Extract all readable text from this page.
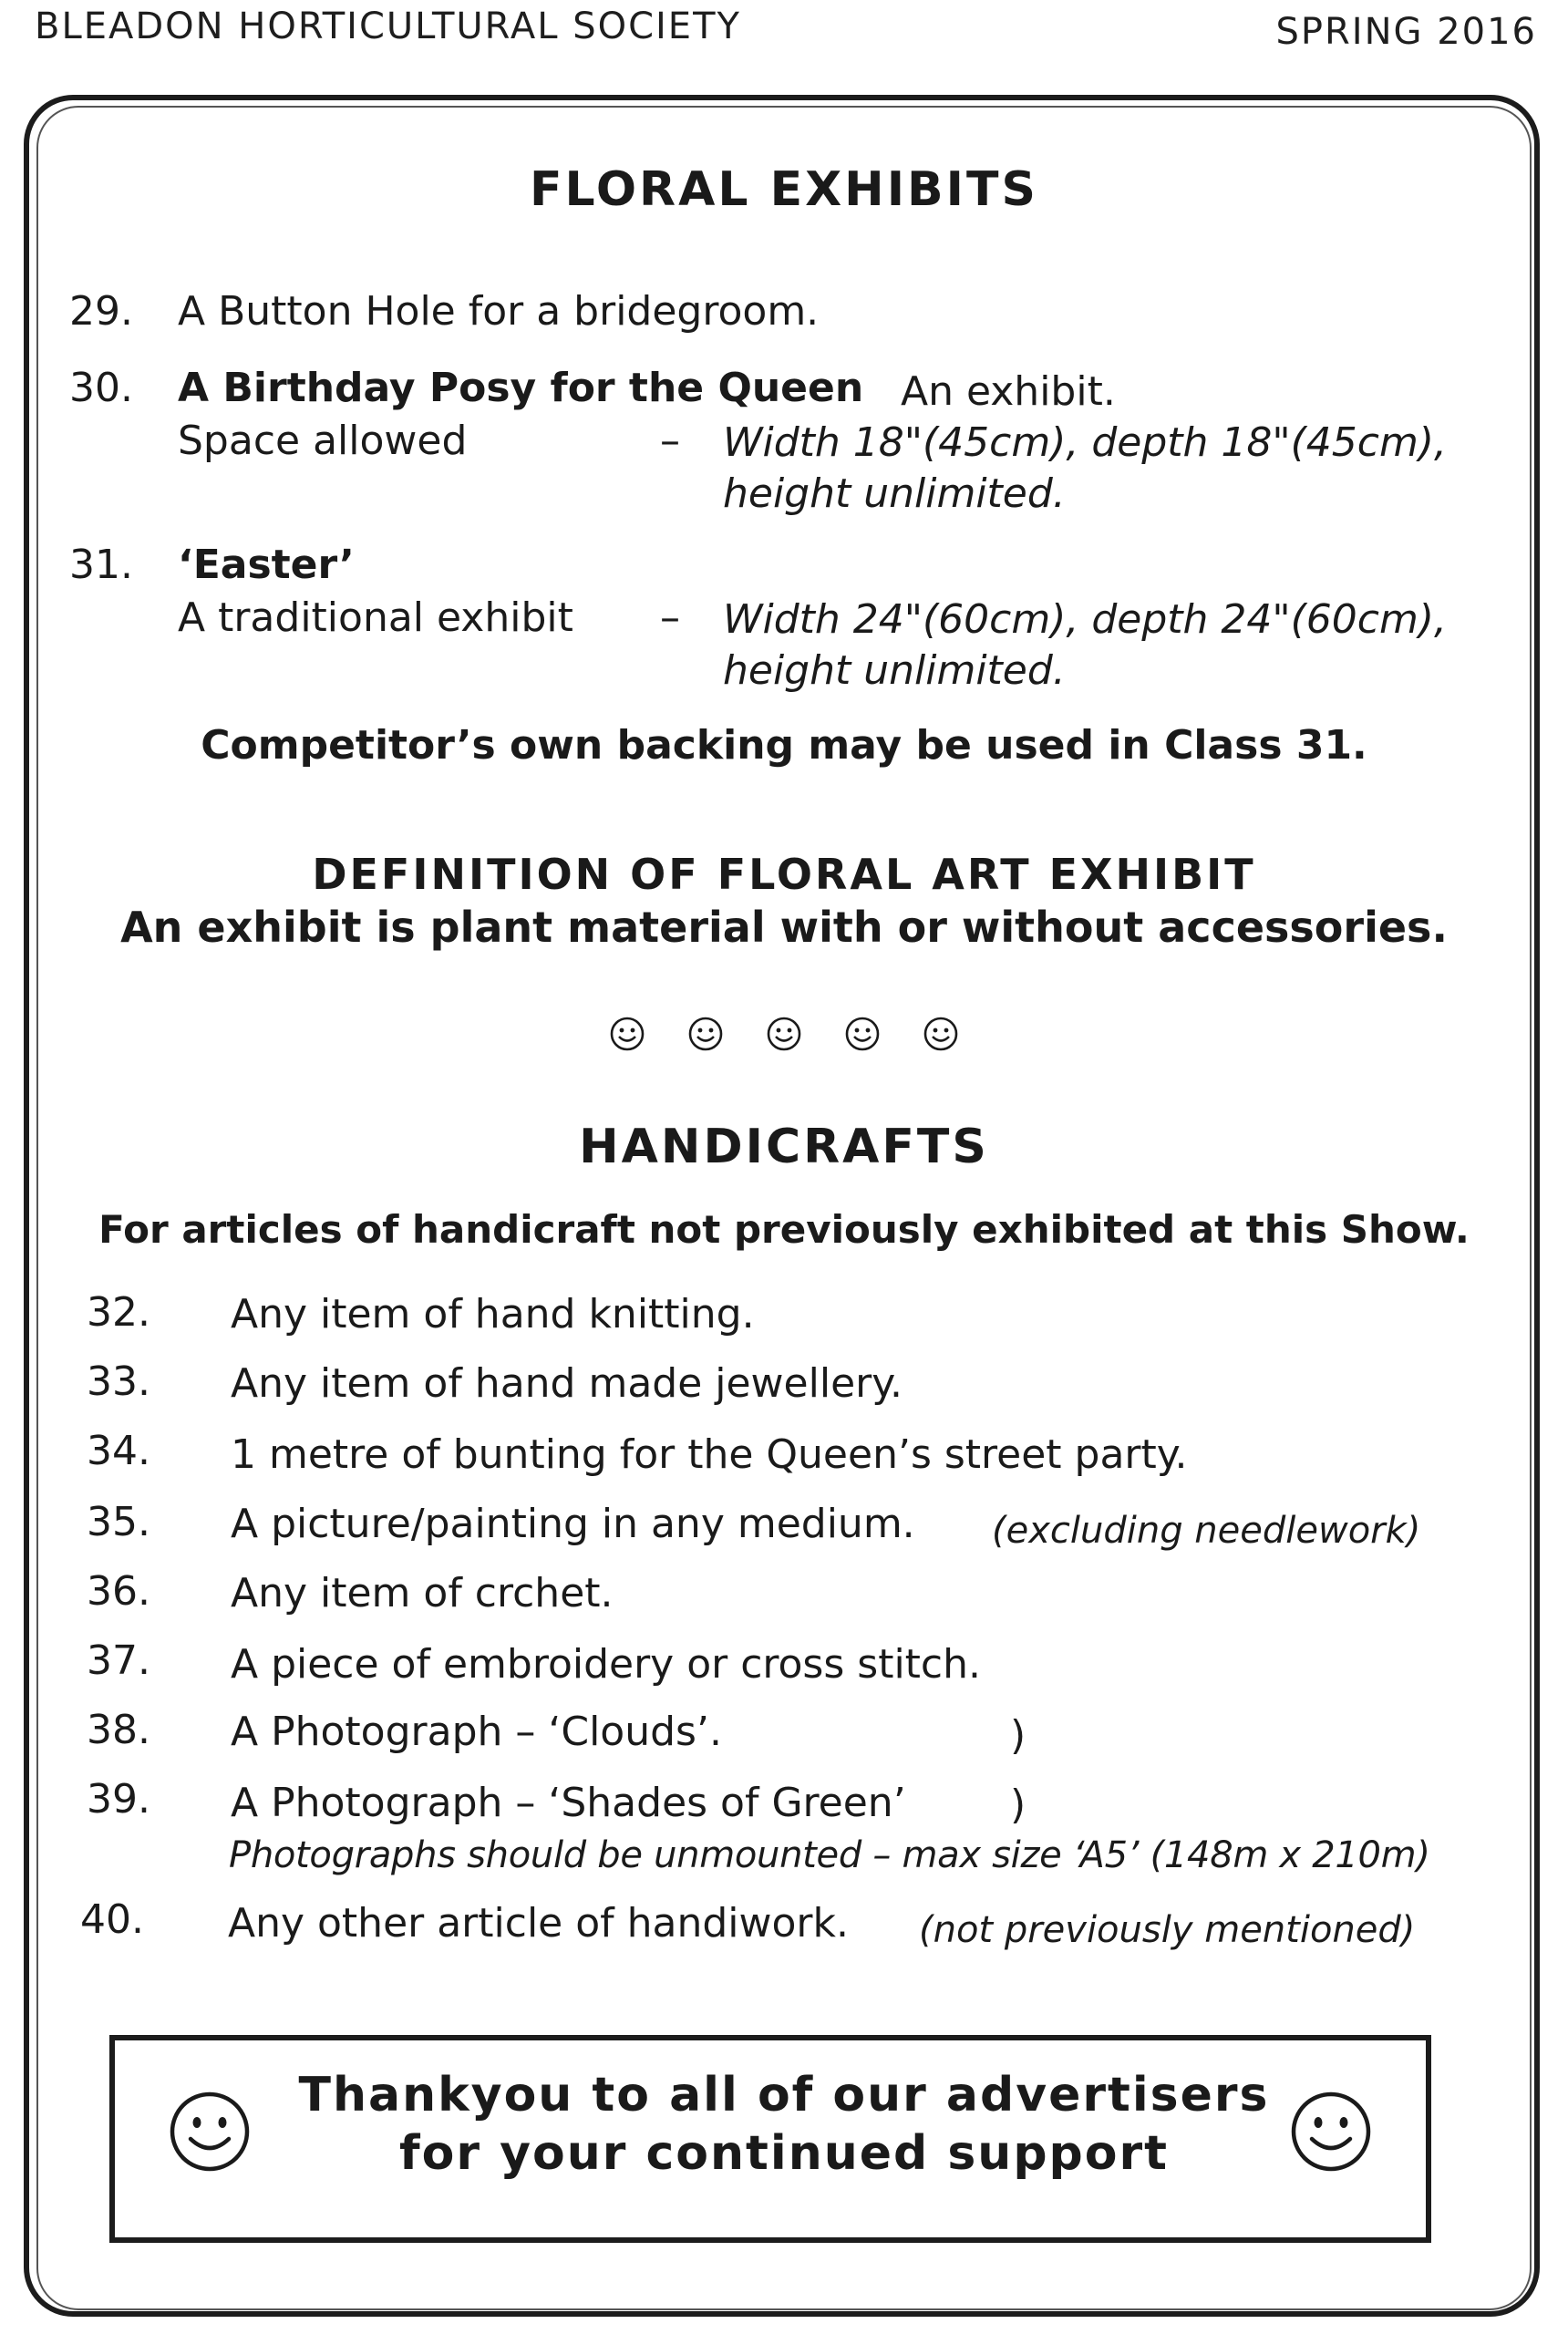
BLEADON HORTICULTURAL SOCIETY	SPRING 2016
FLORAL EXHIBITS
29. A Button Hole for a bridegroom.
30. A Birthday Posy for the Queen An exhibit.
Space allowed	– Width 18"(45cm), depth 18"(45cm),
height unlimited.
31. ‘Easter’
A traditional exhibit – Width 24"(60cm), depth 24"(60cm),
height unlimited.
Competitor’s own backing may be used in Class 31.
DEFINITION OF FLORAL ART EXHIBIT
An exhibit is plant material with or without accessories.
HANDICRAFTS
For articles of handicraft not previously exhibited at this Show.
32. Any item of hand knitting.
33. Any item of hand made jewellery.
34. 1 metre of bunting for the Queen’s street party.
35. A picture/painting in any medium. (excluding needlework)
36. Any item of crchet.
37. A piece of embroidery or cross stitch.
38. A Photograph – ‘Clouds’.	)
39. A Photograph – ‘Shades of Green’	)
Photographs should be unmounted – max size ‘A5’ (148m x 210m)
40. Any other article of handiwork. (not previously mentioned)
Thankyou to all of our advertisers
for your continued support
